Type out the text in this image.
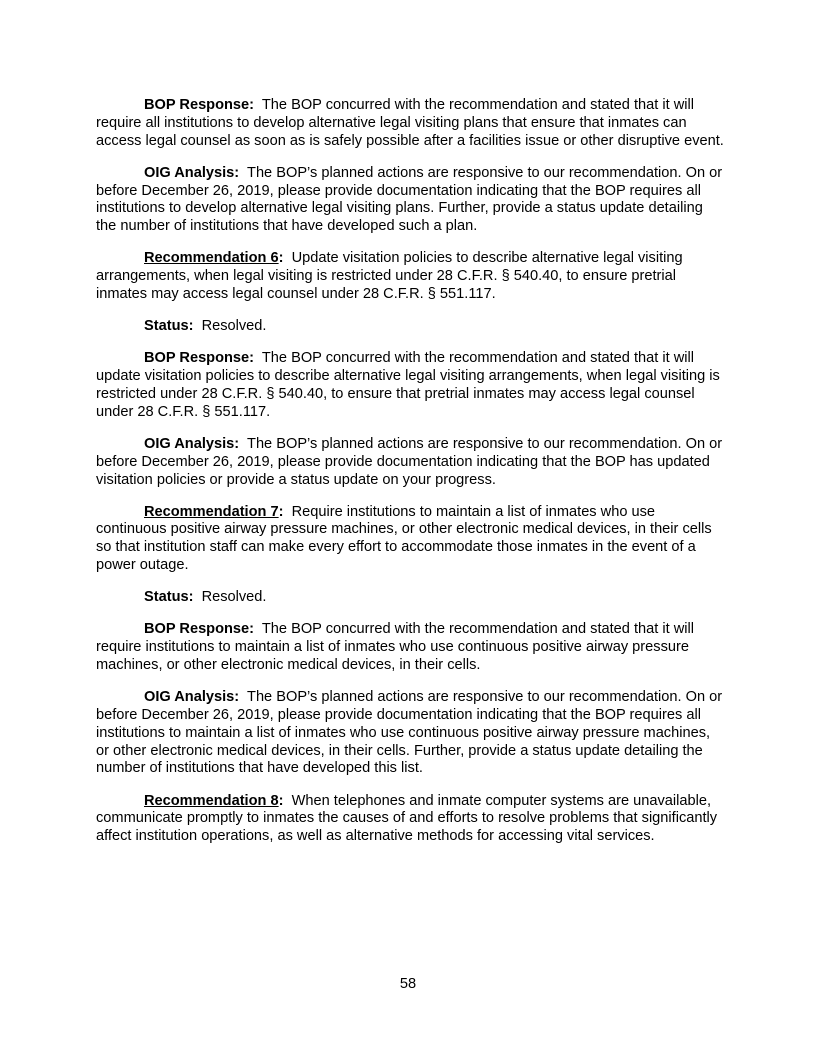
BOP Response: The BOP concurred with the recommendation and stated that it will require all institutions to develop alternative legal visiting plans that ensure that inmates can access legal counsel as soon as is safely possible after a facilities issue or other disruptive event.

OIG Analysis: The BOP’s planned actions are responsive to our recommendation. On or before December 26, 2019, please provide documentation indicating that the BOP requires all institutions to develop alternative legal visiting plans. Further, provide a status update detailing the number of institutions that have developed such a plan.

Recommendation 6: Update visitation policies to describe alternative legal visiting arrangements, when legal visiting is restricted under 28 C.F.R. § 540.40, to ensure pretrial inmates may access legal counsel under 28 C.F.R. § 551.117.

Status: Resolved.

BOP Response: The BOP concurred with the recommendation and stated that it will update visitation policies to describe alternative legal visiting arrangements, when legal visiting is restricted under 28 C.F.R. § 540.40, to ensure that pretrial inmates may access legal counsel under 28 C.F.R. § 551.117.

OIG Analysis: The BOP’s planned actions are responsive to our recommendation. On or before December 26, 2019, please provide documentation indicating that the BOP has updated visitation policies or provide a status update on your progress.

Recommendation 7: Require institutions to maintain a list of inmates who use continuous positive airway pressure machines, or other electronic medical devices, in their cells so that institution staff can make every effort to accommodate those inmates in the event of a power outage.

Status: Resolved.

BOP Response: The BOP concurred with the recommendation and stated that it will require institutions to maintain a list of inmates who use continuous positive airway pressure machines, or other electronic medical devices, in their cells.

OIG Analysis: The BOP’s planned actions are responsive to our recommendation. On or before December 26, 2019, please provide documentation indicating that the BOP requires all institutions to maintain a list of inmates who use continuous positive airway pressure machines, or other electronic medical devices, in their cells. Further, provide a status update detailing the number of institutions that have developed this list.

Recommendation 8: When telephones and inmate computer systems are unavailable, communicate promptly to inmates the causes of and efforts to resolve problems that significantly affect institution operations, as well as alternative methods for accessing vital services.

58
